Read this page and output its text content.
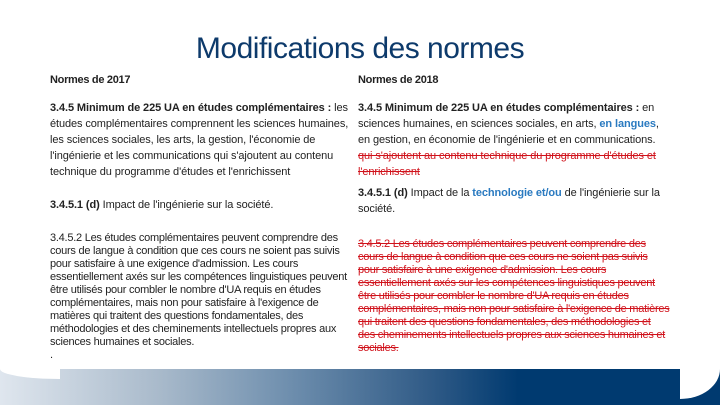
Modifications des normes
Normes de 2017	Normes de 2018
3.4.5 Minimum de 225 UA en études complémentaires : les études complémentaires comprennent les sciences humaines, les sciences sociales, les arts, la gestion, l'économie de l'ingénierie et les communications qui s'ajoutent au contenu technique du programme d'études et l'enrichissent
3.4.5.1 (d) Impact de l'ingénierie sur la société.
3.4.5.2 Les études complémentaires peuvent comprendre des cours de langue à condition que ces cours ne soient pas suivis pour satisfaire à une exigence d'admission. Les cours essentiellement axés sur les compétences linguistiques peuvent être utilisés pour combler le nombre d'UA requis en études complémentaires, mais non pour satisfaire à l'exigence de matières qui traitent des questions fondamentales, des méthodologies et des cheminements intellectuels propres aux sciences humaines et sociales.
.
3.4.5 Minimum de 225 UA en études complémentaires : en sciences humaines, en sciences sociales, en arts, en langues, en gestion, en économie de l'ingénierie et en communications. qui s'ajoutent au contenu technique du programme d'études et l'enrichissent
3.4.5.1 (d) Impact de la technologie et/ou de l'ingénierie sur la société.
3.4.5.2 Les études complémentaires peuvent comprendre des cours de langue à condition que ces cours ne soient pas suivis pour satisfaire à une exigence d'admission. Les cours essentiellement axés sur les compétences linguistiques peuvent être utilisés pour combler le nombre d'UA requis en études complémentaires, mais non pour satisfaire à l'exigence de matières qui traitent des questions fondamentales, des méthodologies et des cheminements intellectuels propres aux sciences humaines et sociales.
